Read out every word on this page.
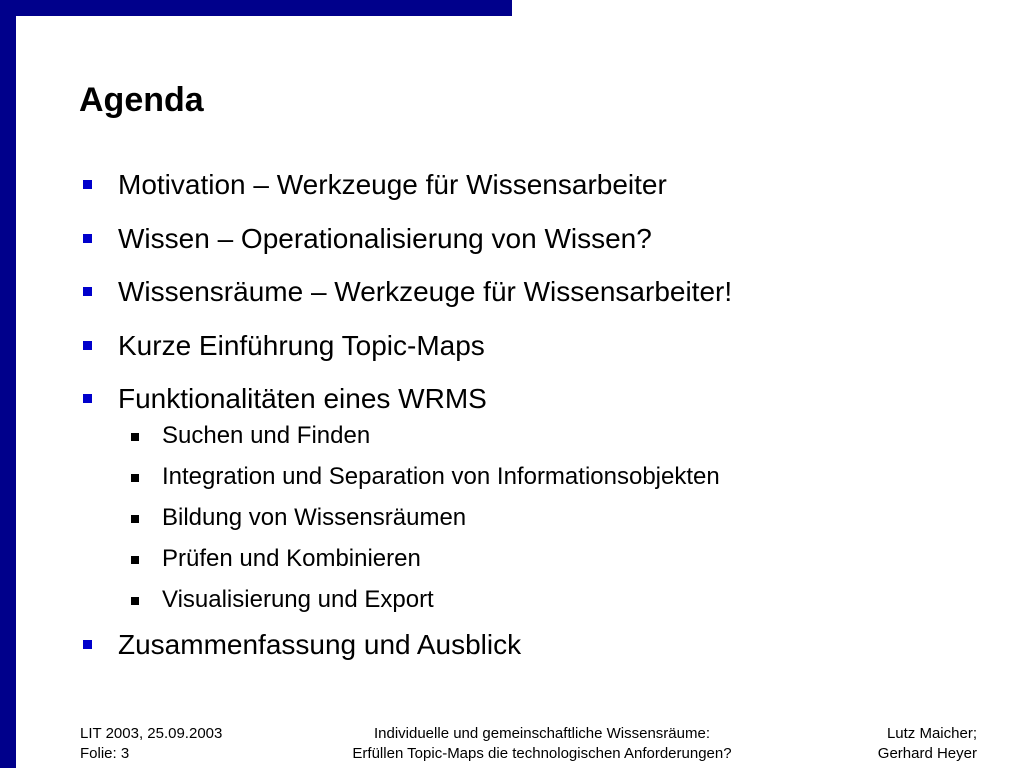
Agenda
Motivation – Werkzeuge für Wissensarbeiter
Wissen – Operationalisierung von Wissen?
Wissensräume – Werkzeuge für Wissensarbeiter!
Kurze Einführung Topic-Maps
Funktionalitäten eines WRMS
Suchen und Finden
Integration und Separation von Informationsobjekten
Bildung von Wissensräumen
Prüfen und Kombinieren
Visualisierung und Export
Zusammenfassung und Ausblick
LIT 2003, 25.09.2003
Folie: 3
Individuelle und gemeinschaftliche Wissensräume:
Erfüllen Topic-Maps die technologischen Anforderungen?
Lutz Maicher;
Gerhard Heyer
